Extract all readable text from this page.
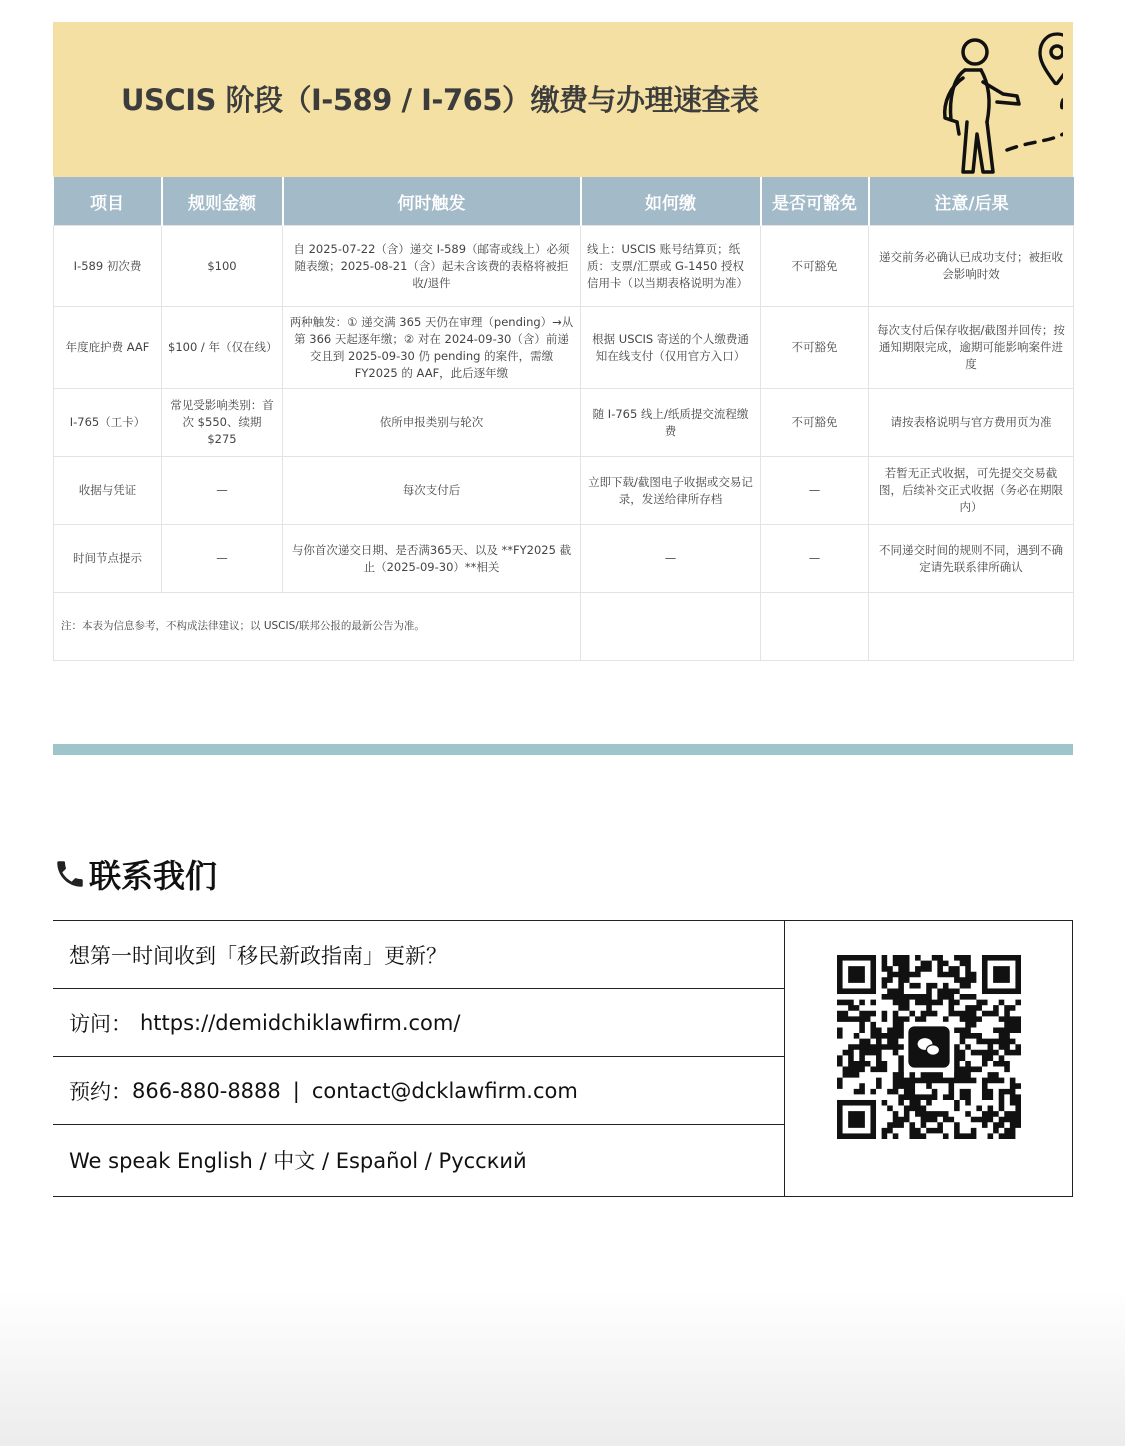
USCIS 阶段（I-589 / I-765）缴费与办理速查表
项目	规则金额	何时触发	如何缴	是否可豁免	注意/后果
I-589 初次费	$100	自 2025-07-22（含）递交 I-589（邮寄或线上）必须随表缴；2025-08-21（含）起未含该费的表格将被拒收/退件	线上：USCIS 账号结算页；纸质：支票/汇票或 G-1450 授权信用卡（以当期表格说明为准）	不可豁免	递交前务必确认已成功支付；被拒收会影响时效
年度庇护费 AAF	$100 / 年（仅在线）	两种触发：① 递交满 365 天仍在审理（pending）→从第 366 天起逐年缴；② 对在 2024-09-30（含）前递交且到 2025-09-30 仍 pending 的案件，需缴 FY2025 的 AAF，此后逐年缴	根据 USCIS 寄送的个人缴费通知在线支付（仅用官方入口）	不可豁免	每次支付后保存收据/截图并回传；按通知期限完成，逾期可能影响案件进度
I-765（工卡）	常见受影响类别：首次 $550、续期 $275	依所申报类别与轮次	随 I-765 线上/纸质提交流程缴费	不可豁免	请按表格说明与官方费用页为准
收据与凭证	—	每次支付后	立即下载/截图电子收据或交易记录，发送给律所存档	—	若暂无正式收据，可先提交交易截图，后续补交正式收据（务必在期限内）
时间节点提示	—	与你首次递交日期、是否满365天、以及 **FY2025 截止（2025-09-30）**相关	—	—	不同递交时间的规则不同，遇到不确定请先联系律所确认
注：本表为信息参考，不构成法律建议；以 USCIS/联邦公报的最新公告为准。					
联系我们
想第一时间收到「移民新政指南」更新？
访问： https://demidchiklawfirm.com/
预约： 866-880-8888 | contact@dcklawfirm.com
We speak English / 中文 / Español / Русский
